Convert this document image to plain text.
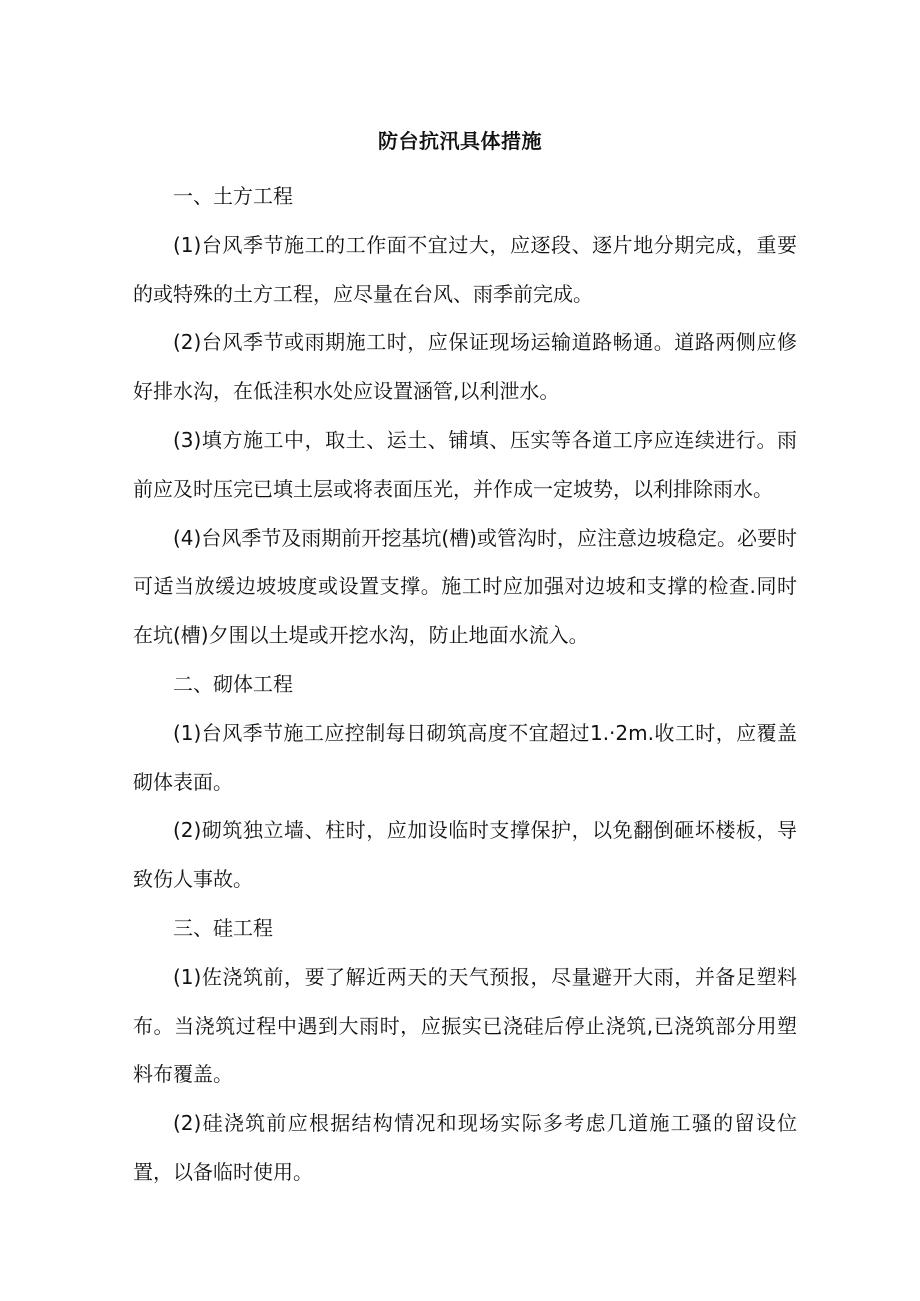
防台抗汛具体措施

一、土方工程

(1)台风季节施工的工作面不宜过大，应逐段、逐片地分期完成，重要的或特殊的土方工程，应尽量在台风、雨季前完成。

(2)台风季节或雨期施工时，应保证现场运输道路畅通。道路两侧应修好排水沟，在低洼积水处应设置涵管,以利泄水。

(3)填方施工中，取土、运土、铺填、压实等各道工序应连续进行。雨前应及时压完已填土层或将表面压光，并作成一定坡势，以利排除雨水。

(4)台风季节及雨期前开挖基坑(槽)或管沟时，应注意边坡稳定。必要时可适当放缓边坡坡度或设置支撑。施工时应加强对边坡和支撑的检查.同时在坑(槽)夕围以土堤或开挖水沟，防止地面水流入。

二、砌体工程

(1)台风季节施工应控制每日砌筑高度不宜超过1.·2m.收工时，应覆盖砌体表面。

(2)砌筑独立墙、柱时，应加设临时支撑保护，以免翻倒砸坏楼板，导致伤人事故。

三、硅工程

(1)佐浇筑前，要了解近两天的天气预报，尽量避开大雨，并备足塑料布。当浇筑过程中遇到大雨时，应振实已浇硅后停止浇筑,已浇筑部分用塑料布覆盖。

(2)硅浇筑前应根据结构情况和现场实际多考虑几道施工骚的留设位置，以备临时使用。
